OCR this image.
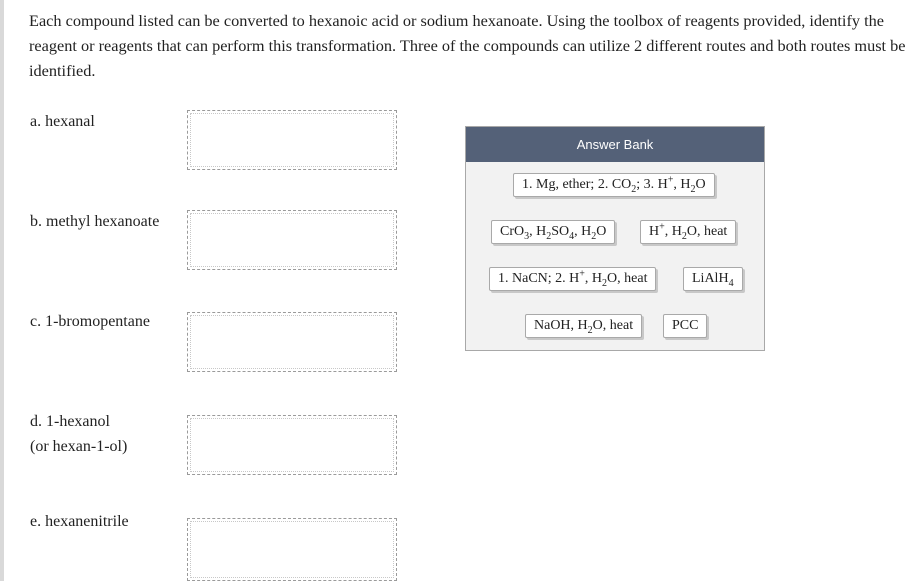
Each compound listed can be converted to hexanoic acid or sodium hexanoate. Using the toolbox of reagents provided, identify the reagent or reagents that can perform this transformation. Three of the compounds can utilize 2 different routes and both routes must be identified.
a. hexanal
b. methyl hexanoate
c. 1-bromopentane
d. 1-hexanol
(or hexan-1-ol)
e. hexanenitrile
Answer Bank
1. Mg, ether; 2. $CO_2$; 3. H+, $H_2O$
CrO$_3$, $H_2SO_4$, $H_2O$	H+, $H_2O$, heat
1. NaCN; 2. H+, $H_2O$, heat	LiAlH$_4$
NaOH, $H_2O$, heat	PCC
